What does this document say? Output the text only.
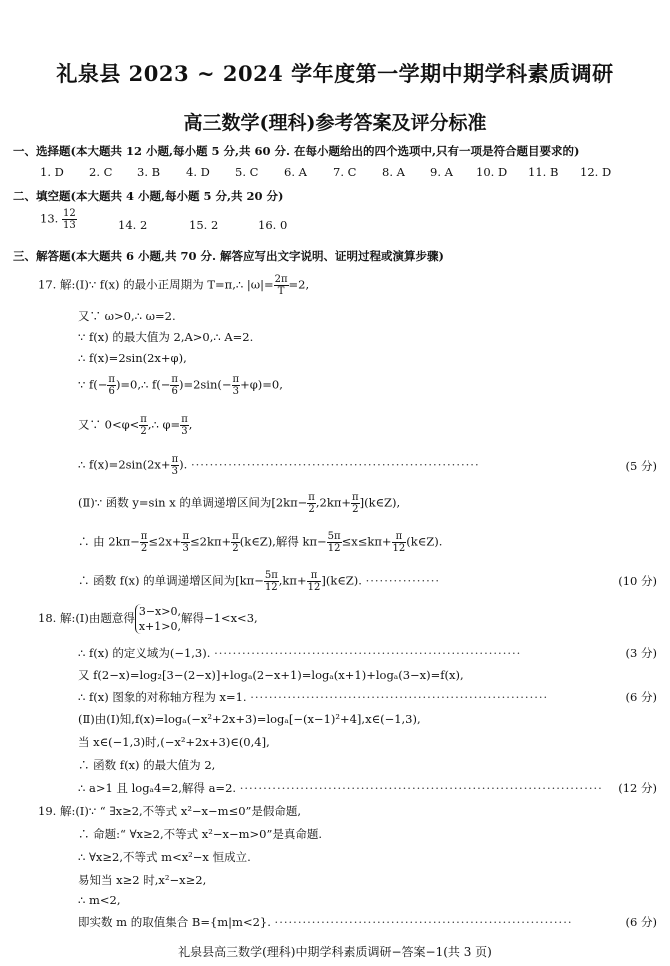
礼泉县 2023 ~ 2024 学年度第一学期中期学科素质调研
高三数学(理科)参考答案及评分标准
一、选择题(本大题共 12 小题,每小题 5 分,共 60 分. 在每小题给出的四个选项中,只有一项是符合题目要求的)
1. D 2. C 3. B 4. D 5. C 6. A 7. C 8. A 9. A 10. D 11. B 12. D
二、填空题(本大题共 4 小题,每小题 5 分,共 20 分)
13. $\frac{12}{13}$	14. 2	15. 2	16. 0
三、解答题(本大题共 6 小题,共 70 分. 解答应写出文字说明、证明过程或演算步骤)
17. 解:(Ⅰ)∵ f(x) 的最小正周期为 T=π,∴ $|\omega|= \frac{2\pi}{T} =2$,
又∵ ω>0,∴ ω=2.
∵ f(x) 的最大值为 2,A>0,∴ A=2.
∴ f(x)=2sin(2x+φ),
∵ $f(- \frac{\pi}{6}$ )=0,∴ $f(- \frac{\pi}{6} )=2\sin(- \frac{\pi}{3} +\varphi)=0$,
又∵ $0<\varphi< \frac{\pi}{2}$ ,∴ $\varphi= \frac{\pi}{3}$ ,
∴ $f(x)=2\sin(2x+ \frac{\pi}{3}$ ). ······························································	(5 分)
(Ⅱ)∵ 函数 y=sin x 的单调递增区间为[$2k\pi- \frac{\pi}{2} ,2k\pi+ \frac{\pi}{2}$ ](k∈Z),
∴ 由 $2k\pi- \frac{\pi}{2} \le 2x+ \frac{\pi}{3} \le 2k\pi+ \frac{\pi}{2}$ (k∈Z),解得 $k\pi- \frac{5\pi}{12} \le x\le k\pi+ \frac{\pi}{12}$ (k∈Z).
∴ 函数 f(x) 的单调递增区间为[$k\pi- \frac{5\pi}{12} ,k\pi+ \frac{\pi}{12}$ ](k∈Z). ················	(10 分)
18. 解:(Ⅰ)由题意得 3−x>0,
x+1>0,
解得−1<x<3,
∴ f(x) 的定义域为(−1,3). ··································································	(3 分)
又 f(2−x)=log₂[3−(2−x)]+logₐ(2−x+1)=logₐ(x+1)+logₐ(3−x)=f(x),
∴ f(x) 图象的对称轴方程为 x=1. ································································	(6 分)
(Ⅱ)由(Ⅰ)知,f(x)=logₐ(−x²+2x+3)=logₐ[−(x−1)²+4],x∈(−1,3),
当 x∈(−1,3)时,(−x²+2x+3)∈(0,4],
∴ 函数 f(x) 的最大值为 2,
∴ a>1 且 logₐ4=2,解得 a=2. ·············································································· (12 分)
19. 解:(Ⅰ)∵ “ ∃x≥2,不等式 x²−x−m≤0”是假命题,
∴ 命题:“ ∀x≥2,不等式 x²−x−m>0”是真命题.
∴ ∀x≥2,不等式 m<x²−x 恒成立.
易知当 x≥2 时,x²−x≥2,
∴ m<2,
即实数 m 的取值集合 B={m|m<2}. ································································	(6 分)
礼泉县高三数学(理科)中期学科素质调研−答案−1(共 3 页)
